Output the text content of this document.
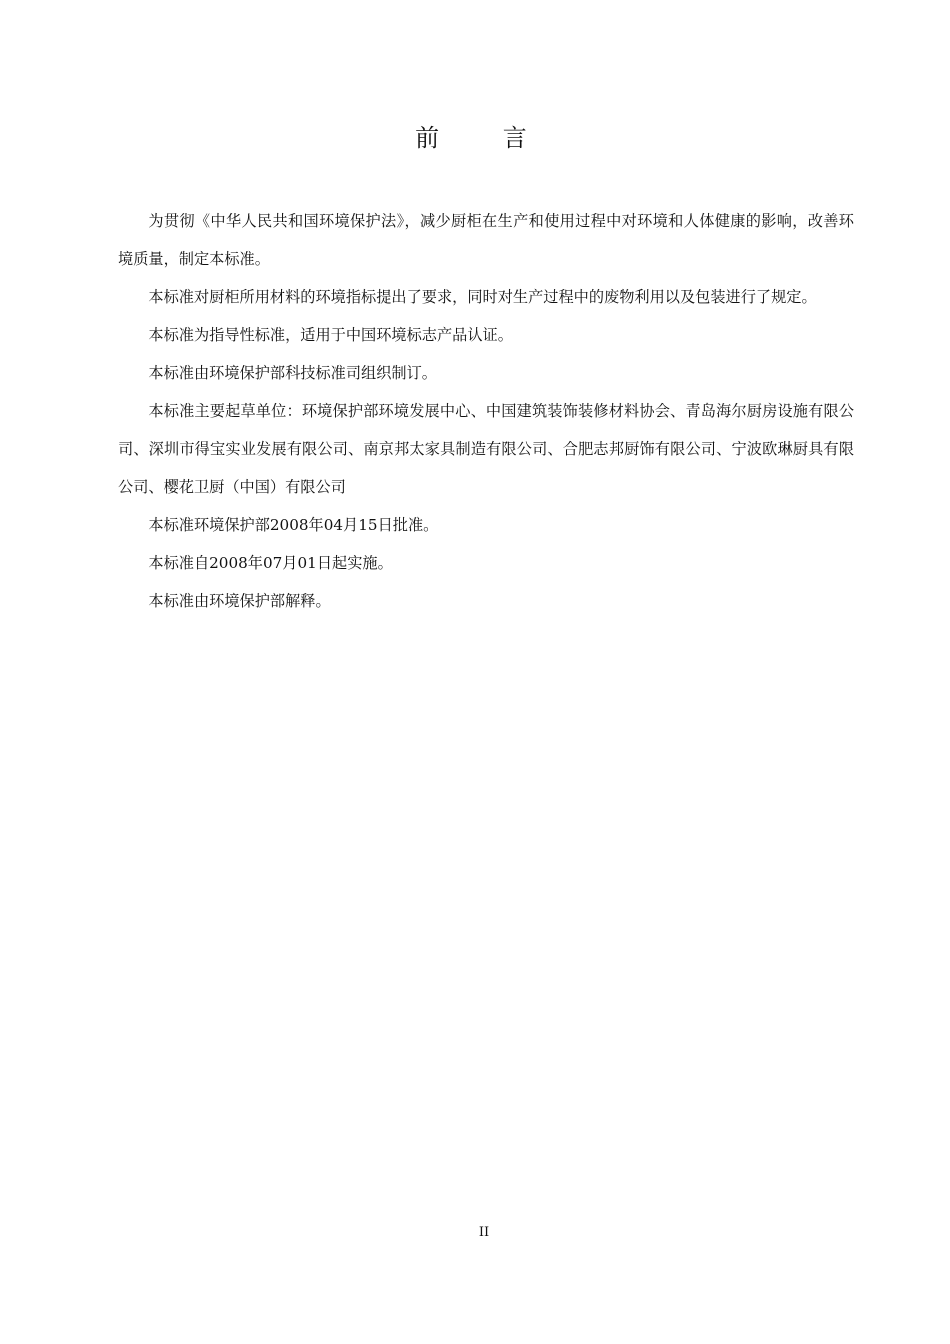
前 言

为贯彻《中华人民共和国环境保护法》，减少厨柜在生产和使用过程中对环境和人体健康的影响，改善环境质量，制定本标准。

本标准对厨柜所用材料的环境指标提出了要求，同时对生产过程中的废物利用以及包装进行了规定。

本标准为指导性标准，适用于中国环境标志产品认证。

本标准由环境保护部科技标准司组织制订。

本标准主要起草单位：环境保护部环境发展中心、中国建筑装饰装修材料协会、青岛海尔厨房设施有限公司、深圳市得宝实业发展有限公司、南京邦太家具制造有限公司、合肥志邦厨饰有限公司、宁波欧琳厨具有限公司、樱花卫厨（中国）有限公司

本标准环境保护部2008年04月15日批准。

本标准自2008年07月01日起实施。

本标准由环境保护部解释。

II
